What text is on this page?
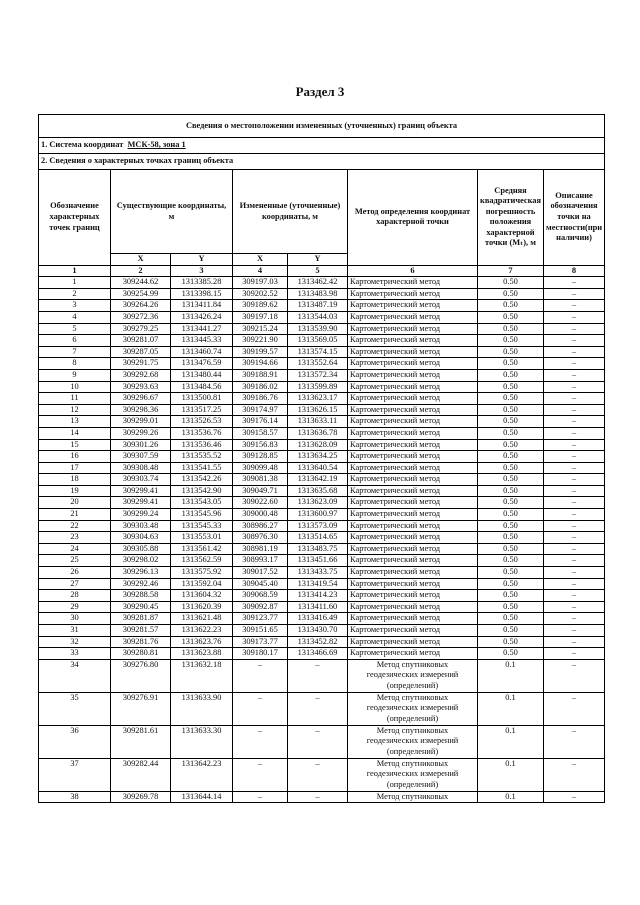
Раздел 3
Сведения о местоположении измененных (уточненных) границ объекта							
1. Система координат МСК-58, зона 1							
2. Сведения о характерных точках границ объекта							
Обозначение характерных точек границ	Существующие координаты, м		Измененные (уточненные) координаты, м		Метод определения координат характерной точки	Средняя квадратическая погрешность положения характерной точки (Mₜ), м	Описание обозначения точки на местности(при наличии)
	X	Y	X	Y			
1	2	3	4	5	6	7	8
1	309244.62	1313385.28	309197.03	1313462.42	Картометрический метод	0.50	–
2	309254.99	1313398.15	309202.52	1313483.98	Картометрический метод	0.50	–
3	309264.26	1313411.84	309189.62	1313487.19	Картометрический метод	0.50	–
4	309272.36	1313426.24	309197.18	1313544.03	Картометрический метод	0.50	–
5	309279.25	1313441.27	309215.24	1313539.90	Картометрический метод	0.50	–
6	309281.07	1313445.33	309221.90	1313569.05	Картометрический метод	0.50	–
7	309287.05	1313460.74	309199.57	1313574.15	Картометрический метод	0.50	–
8	309291.75	1313476.59	309194.66	1313552.64	Картометрический метод	0.50	–
9	309292.68	1313480.44	309188.91	1313572.34	Картометрический метод	0.50	–
10	309293.63	1313484.56	309186.02	1313599.89	Картометрический метод	0.50	–
11	309296.67	1313500.81	309186.76	1313623.17	Картометрический метод	0.50	–
12	309298.36	1313517.25	309174.97	1313626.15	Картометрический метод	0.50	–
13	309299.01	1313526.53	309176.14	1313633.11	Картометрический метод	0.50	–
14	309299.26	1313536.76	309158.57	1313636.78	Картометрический метод	0.50	–
15	309301.26	1313536.46	309156.83	1313628.09	Картометрический метод	0.50	–
16	309307.59	1313535.52	309128.85	1313634.25	Картометрический метод	0.50	–
17	309308.48	1313541.55	309099.48	1313640.54	Картометрический метод	0.50	–
18	309303.74	1313542.26	309081.38	1313642.19	Картометрический метод	0.50	–
19	309299.41	1313542.90	309049.71	1313635.68	Картометрический метод	0.50	–
20	309299.41	1313543.05	309022.60	1313623.09	Картометрический метод	0.50	–
21	309299.24	1313545.96	309000.48	1313600.97	Картометрический метод	0.50	–
22	309303.48	1313545.33	308986.27	1313573.09	Картометрический метод	0.50	–
23	309304.63	1313553.01	308976.30	1313514.65	Картометрический метод	0.50	–
24	309305.88	1313561.42	308981.19	1313483.75	Картометрический метод	0.50	–
25	309298.02	1313562.59	308993.17	1313451.66	Картометрический метод	0.50	–
26	309296.13	1313575.92	309017.52	1313433.75	Картометрический метод	0.50	–
27	309292.46	1313592.04	309045.40	1313419.54	Картометрический метод	0.50	–
28	309288.58	1313604.32	309068.59	1313414.23	Картометрический метод	0.50	–
29	309290.45	1313620.39	309092.87	1313411.60	Картометрический метод	0.50	–
30	309281.87	1313621.48	309123.77	1313416.49	Картометрический метод	0.50	–
31	309281.57	1313622.23	309151.65	1313430.70	Картометрический метод	0.50	–
32	309281.76	1313623.76	309173.77	1313452.82	Картометрический метод	0.50	–
33	309280.81	1313623.88	309180.17	1313466.69	Картометрический метод	0.50	–
34	309276.80	1313632.18	–	–	Метод спутниковых геодезических измерений (определений)	0.1	–
35	309276.91	1313633.90	–	–	Метод спутниковых геодезических измерений (определений)	0.1	–
36	309281.61	1313633.30	–	–	Метод спутниковых геодезических измерений (определений)	0.1	–
37	309282.44	1313642.23	–	–	Метод спутниковых геодезических измерений (определений)	0.1	–
38	309269.78	1313644.14	–	–	Метод спутниковых	0.1	–
